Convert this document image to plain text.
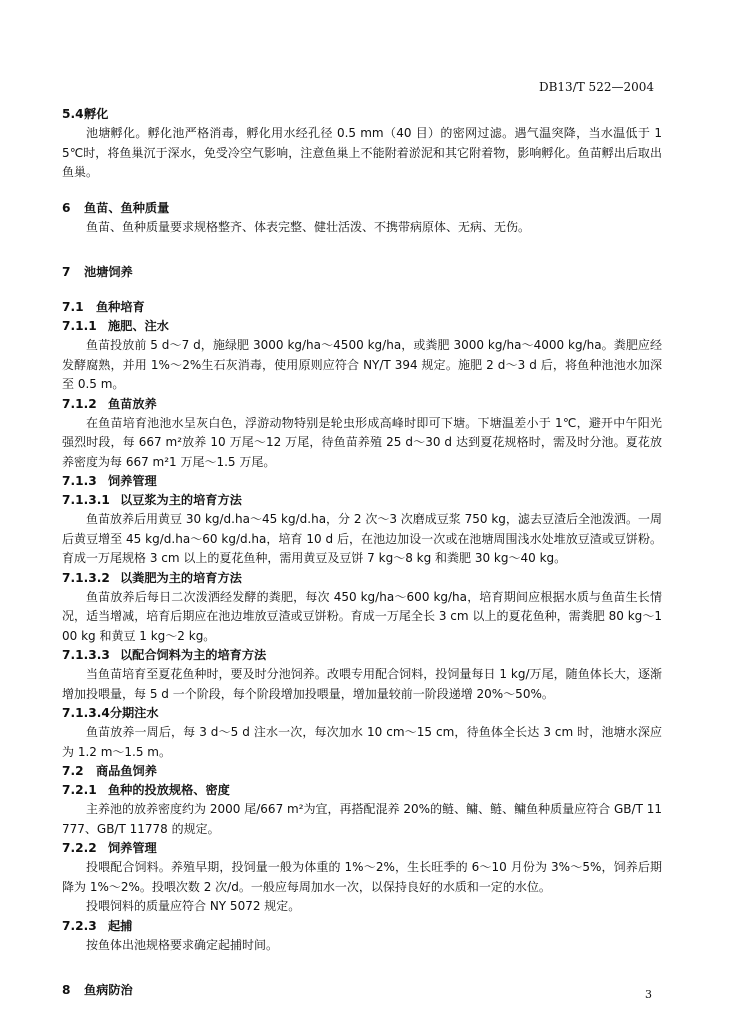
DB13/T 522—2004
5.4孵化

池塘孵化。孵化池严格消毒，孵化用水经孔径 0.5 mm（40 目）的密网过滤。遇气温突降，当水温低于 15℃时，将鱼巢沉于深水，免受冷空气影响，注意鱼巢上不能附着淤泥和其它附着物，影响孵化。鱼苗孵出后取出鱼巢。

6 鱼苗、鱼种质量

鱼苗、鱼种质量要求规格整齐、体表完整、健壮活泼、不携带病原体、无病、无伤。

7 池塘饲养
7.1 鱼种培育
7.1.1 施肥、注水

鱼苗投放前 5 d～7 d，施绿肥 3000 kg/ha～4500 kg/ha，或粪肥 3000 kg/ha～4000 kg/ha。粪肥应经发酵腐熟，并用 1%～2%生石灰消毒，使用原则应符合 NY/T 394 规定。施肥 2 d～3 d 后，将鱼种池池水加深至 0.5 m。

7.1.2 鱼苗放养

在鱼苗培育池池水呈灰白色，浮游动物特别是轮虫形成高峰时即可下塘。下塘温差小于 1℃，避开中午阳光强烈时段，每 667 m²放养 10 万尾～12 万尾，待鱼苗养殖 25 d～30 d 达到夏花规格时，需及时分池。夏花放养密度为每 667 m²1 万尾～1.5 万尾。

7.1.3 饲养管理
7.1.3.1 以豆浆为主的培育方法

鱼苗放养后用黄豆 30 kg/d.ha～45 kg/d.ha，分 2 次～3 次磨成豆浆 750 kg，滤去豆渣后全池泼洒。一周后黄豆增至 45 kg/d.ha～60 kg/d.ha，培育 10 d 后，在池边加设一次或在池塘周围浅水处堆放豆渣或豆饼粉。育成一万尾规格 3 cm 以上的夏花鱼种，需用黄豆及豆饼 7 kg～8 kg 和粪肥 30 kg～40 kg。

7.1.3.2 以粪肥为主的培育方法

鱼苗放养后每日二次泼洒经发酵的粪肥，每次 450 kg/ha～600 kg/ha，培育期间应根据水质与鱼苗生长情况，适当增减，培育后期应在池边堆放豆渣或豆饼粉。育成一万尾全长 3 cm 以上的夏花鱼种，需粪肥 80 kg～100 kg 和黄豆 1 kg～2 kg。

7.1.3.3 以配合饲料为主的培育方法

当鱼苗培育至夏花鱼种时，要及时分池饲养。改喂专用配合饲料，投饲量每日 1 kg/万尾，随鱼体长大，逐渐增加投喂量，每 5 d 一个阶段，每个阶段增加投喂量，增加量较前一阶段递增 20%～50%。

7.1.3.4分期注水

鱼苗放养一周后，每 3 d～5 d 注水一次，每次加水 10 cm～15 cm，待鱼体全长达 3 cm 时，池塘水深应为 1.2 m～1.5 m。

7.2 商品鱼饲养
7.2.1 鱼种的投放规格、密度

主养池的放养密度约为 2000 尾/667 m²为宜，再搭配混养 20%的鲢、鳙、鲢、鳙鱼种质量应符合 GB/T 11777、GB/T 11778 的规定。

7.2.2 饲养管理

投喂配合饲料。养殖早期，投饲量一般为体重的 1%～2%，生长旺季的 6～10 月份为 3%～5%，饲养后期降为 1%～2%。投喂次数 2 次/d。一般应每周加水一次，以保持良好的水质和一定的水位。

投喂饲料的质量应符合 NY 5072 规定。

7.2.3 起捕

按鱼体出池规格要求确定起捕时间。

8 鱼病防治	3
